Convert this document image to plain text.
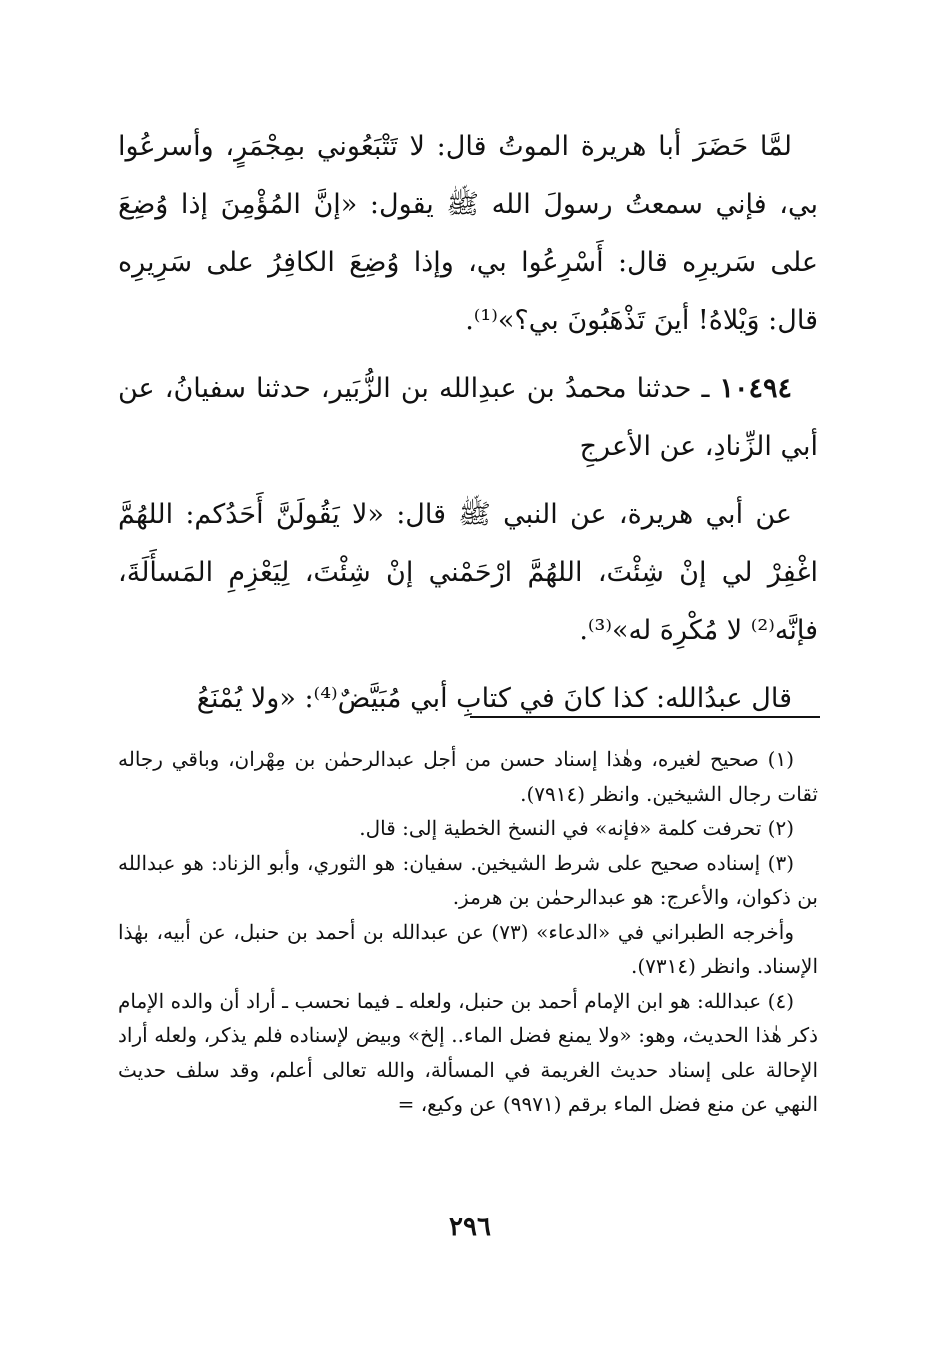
لمَّا حَضَرَ أبا هريرة الموتُ قال: لا تَتْبَعُوني بمِجْمَرٍ، وأسرعُوا بي، فإني سمعتُ رسولَ الله ﷺ يقول: «إنَّ المُؤْمِنَ إذا وُضِعَ على سَريرِه قال: أَسْرِعُوا بي، وإذا وُضِعَ الكافِرُ على سَرِيرِه قال: وَيْلاهُ! أينَ تَذْهَبُونَ بي؟»⁽¹⁾.

١٠٤٩٤ ـ حدثنا محمدُ بن عبدِالله بن الزُّبَير، حدثنا سفيانُ، عن أبي الزِّنادِ، عن الأعرجِ

عن أبي هريرة، عن النبي ﷺ قال: «لا يَقُولَنَّ أَحَدُكم: اللهُمَّ اغْفِرْ لي إنْ شِئْتَ، اللهُمَّ ارْحَمْني إنْ شِئْتَ، لِيَعْزِمِ المَسأَلَةَ، فإنَّه⁽²⁾ لا مُكْرِهَ له»⁽³⁾.

قال عبدُالله: كذا كانَ في كتابِ أبي مُبَيَّضٌ⁽⁴⁾: «ولا يُمْنَعُ

(١) صحيح لغيره، وهٰذا إسناد حسن من أجل عبدالرحمٰن بن مِهْران، وباقي رجاله ثقات رجال الشيخين. وانظر (٧٩١٤).

(٢) تحرفت كلمة «فإنه» في النسخ الخطية إلى: قال.

(٣) إسناده صحيح على شرط الشيخين. سفيان: هو الثوري، وأبو الزناد: هو عبدالله بن ذكوان، والأعرج: هو عبدالرحمٰن بن هرمز.

وأخرجه الطبراني في «الدعاء» (٧٣) عن عبدالله بن أحمد بن حنبل، عن أبيه، بهٰذا الإسناد. وانظر (٧٣١٤).

(٤) عبدالله: هو ابن الإمام أحمد بن حنبل، ولعله ـ فيما نحسب ـ أراد أن والده الإمام ذكر هٰذا الحديث، وهو: «ولا يمنع فضل الماء.. إلخ» وبيض لإسناده فلم يذكر، ولعله أراد الإحالة على إسناد حديث الغريمة في المسألة، والله تعالى أعلم، وقد سلف حديث النهي عن منع فضل الماء برقم (٩٩٧١) عن وكيع، =

٢٩٦
